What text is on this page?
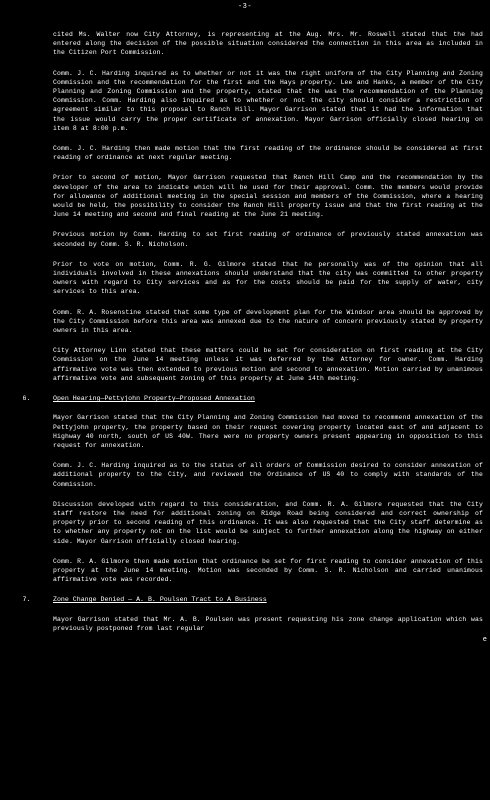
-3-

cited Ms. Walter now City Attorney, is representing at the Aug. Mrs. Mr. Roswell stated that the had entered along the decision of the possible situation considered the connection in this area as included in the Citizen Port Commission.

Comm. J. C. Harding inquired as to whether or not it was the right uniform of the City Planning and Zoning Commission and the recommendation for the first and the Hays property. Lee and Hanks, a member of the City Planning and Zoning Commission and the property, stated that the was the recommendation of the Planning Commission. Comm. Harding also inquired as to whether or not the city should consider a restriction of agreement similar to this proposal to Ranch Hill. Mayor Garrison stated that it had the information that the issue would carry the proper certificate of annexation. Mayor Garrison officially closed hearing on item 8 at 8:00 p.m.

Comm. J. C. Harding then made motion that the first reading of the ordinance should be considered at first reading of ordinance at next regular meeting.

Prior to second of motion, Mayor Garrison requested that Ranch Hill Camp and the recommendation by the developer of the area to indicate which will be used for their approval. Comm. the members would provide for allowance of additional meeting in the special session and members of the Commission, where a hearing would be held, the possibility to consider the Ranch Hill property issue and that the first reading at the June 14 meeting and second and final reading at the June 21 meeting.

Previous motion by Comm. Harding to set first reading of ordinance of previously stated annexation was seconded by Comm. S. R. Nicholson.

Prior to vote on motion, Comm. R. G. Gilmore stated that he personally was of the opinion that all individuals involved in these annexations should understand that the city was committed to other property owners with regard to City services and as for the costs should be paid for the supply of water, city services to this area.

Comm. R. A. Rosenstine stated that some type of development plan for the Windsor area should be approved by the City Commission before this area was annexed due to the nature of concern previously stated by property owners in this area.

City Attorney Linn stated that these matters could be set for consideration on first reading at the City Commission on the June 14 meeting unless it was deferred by the Attorney for owner. Comm. Harding affirmative vote was then extended to previous motion and second to annexation. Motion carried by unanimous affirmative vote and subsequent zoning of this property at June 14th meeting.

6.	Open Hearing—Pettyjohn Property—Proposed Annexation

Mayor Garrison stated that the City Planning and Zoning Commission had moved to recommend annexation of the Pettyjohn property, the property based on their request covering property located east of and adjacent to Highway 40 north, south of US 40W. There were no property owners present appearing in opposition to this request for annexation.

Comm. J. C. Harding inquired as to the status of all orders of Commission desired to consider annexation of additional property to the City, and reviewed the Ordinance of US 40 to comply with standards of the Commission.

Discussion developed with regard to this consideration, and Comm. R. A. Gilmore requested that the City staff restore the need for additional zoning on Ridge Road being considered and correct ownership of property prior to second reading of this ordinance. It was also requested that the City staff determine as to whether any property not on the list would be subject to further annexation along the highway on either side. Mayor Garrison officially closed hearing.

Comm. R. A. Gilmore then made motion that ordinance be set for first reading to consider annexation of this property at the June 14 meeting. Motion was seconded by Comm. S. R. Nicholson and carried unanimous affirmative vote was recorded.

7.	Zone Change Denied — A. B. Poulsen Tract to A Business

Mayor Garrison stated that Mr. A. B. Poulsen was present requesting his zone change application which was previously postponed from last regular

e
